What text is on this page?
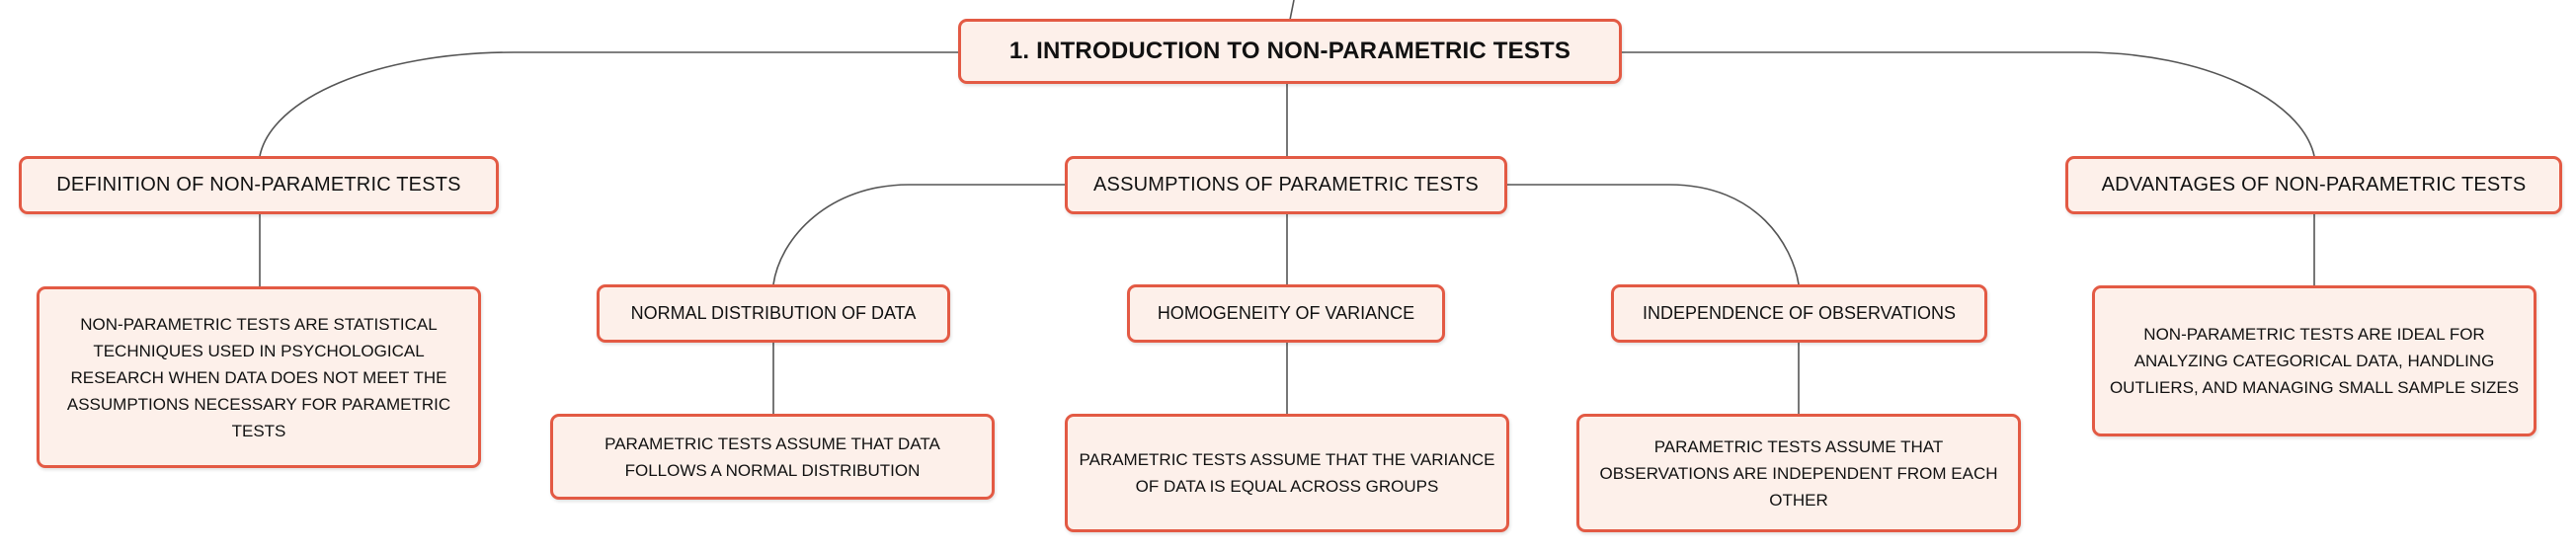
1. INTRODUCTION TO NON-PARAMETRIC TESTS
DEFINITION OF NON-PARAMETRIC TESTS	ASSUMPTIONS OF PARAMETRIC TESTS	ADVANTAGES OF NON-PARAMETRIC TESTS
NON-PARAMETRIC TESTS ARE STATISTICAL TECHNIQUES USED IN PSYCHOLOGICAL RESEARCH WHEN DATA DOES NOT MEET THE ASSUMPTIONS NECESSARY FOR PARAMETRIC TESTS
NORMAL DISTRIBUTION OF DATA	HOMOGENEITY OF VARIANCE	INDEPENDENCE OF OBSERVATIONS
PARAMETRIC TESTS ASSUME THAT DATA FOLLOWS A NORMAL DISTRIBUTION
PARAMETRIC TESTS ASSUME THAT THE VARIANCE OF DATA IS EQUAL ACROSS GROUPS
PARAMETRIC TESTS ASSUME THAT OBSERVATIONS ARE INDEPENDENT FROM EACH OTHER
NON-PARAMETRIC TESTS ARE IDEAL FOR ANALYZING CATEGORICAL DATA, HANDLING OUTLIERS, AND MANAGING SMALL SAMPLE SIZES
